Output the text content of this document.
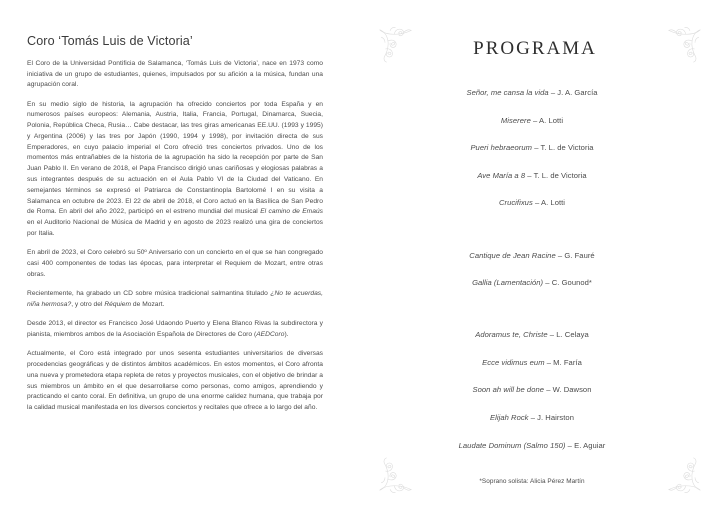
Coro ‘Tomás Luis de Victoria’

El Coro de la Universidad Pontificia de Salamanca, ‘Tomás Luis de Victoria’, nace en 1973 como iniciativa de un grupo de estudiantes, quienes, impulsados por su afición a la música, fundan una agrupación coral.

En su medio siglo de historia, la agrupación ha ofrecido conciertos por toda España y en numerosos países europeos: Alemania, Austria, Italia, Francia, Portugal, Dinamarca, Suecia, Polonia, República Checa, Rusia… Cabe destacar, las tres giras americanas EE.UU. (1993 y 1995) y Argentina (2006) y las tres por Japón (1990, 1994 y 1998), por invitación directa de sus Emperadores, en cuyo palacio imperial el Coro ofreció tres conciertos privados. Uno de los momentos más entrañables de la historia de la agrupación ha sido la recepción por parte de San Juan Pablo II. En verano de 2018, el Papa Francisco dirigió unas cariñosas y elogiosas palabras a sus integrantes después de su actuación en el Aula Pablo VI de la Ciudad del Vaticano. En semejantes términos se expresó el Patriarca de Constantinopla Bartolomé I en su visita a Salamanca en octubre de 2023. El 22 de abril de 2018, el Coro actuó en la Basílica de San Pedro de Roma. En abril del año 2022, participó en el estreno mundial del musical El camino de Emaús en el Auditorio Nacional de Música de Madrid y en agosto de 2023 realizó una gira de conciertos por Italia.

En abril de 2023, el Coro celebró su 50º Aniversario con un concierto en el que se han congregado casi 400 componentes de todas las épocas, para interpretar el Requiem de Mozart, entre otras obras.

Recientemente, ha grabado un CD sobre música tradicional salmantina titulado ¿No te acuerdas, niña hermosa?, y otro del Réquiem de Mozart.

Desde 2013, el director es Francisco José Udaondo Puerto y Elena Blanco Rivas la subdirectora y pianista, miembros ambos de la Asociación Española de Directores de Coro (AEDCoro).

Actualmente, el Coro está integrado por unos sesenta estudiantes universitarios de diversas procedencias geográficas y de distintos ámbitos académicos. En estos momentos, el Coro afronta una nueva y prometedora etapa repleta de retos y proyectos musicales, con el objetivo de brindar a sus miembros un ámbito en el que desarrollarse como personas, como amigos, aprendiendo y practicando el canto coral. En definitiva, un grupo de una enorme calidez humana, que trabaja por la calidad musical manifestada en los diversos conciertos y recitales que ofrece a lo largo del año.

PROGRAMA
Señor, me cansa la vida – J. A. García
Miserere – A. Lotti
Pueri hebraeorum – T. L. de Victoria
Ave María a 8 – T. L. de Victoria
Crucifixus – A. Lotti
Cantique de Jean Racine – G. Fauré
Gallia (Lamentación) – C. Gounod*
Adoramus te, Christe – L. Celaya
Ecce vidimus eum – M. Faría
Soon ah will be done – W. Dawson
Elijah Rock – J. Hairston
Laudate Dominum (Salmo 150) – E. Aguiar
*Soprano solista: Alicia Pérez Martín
